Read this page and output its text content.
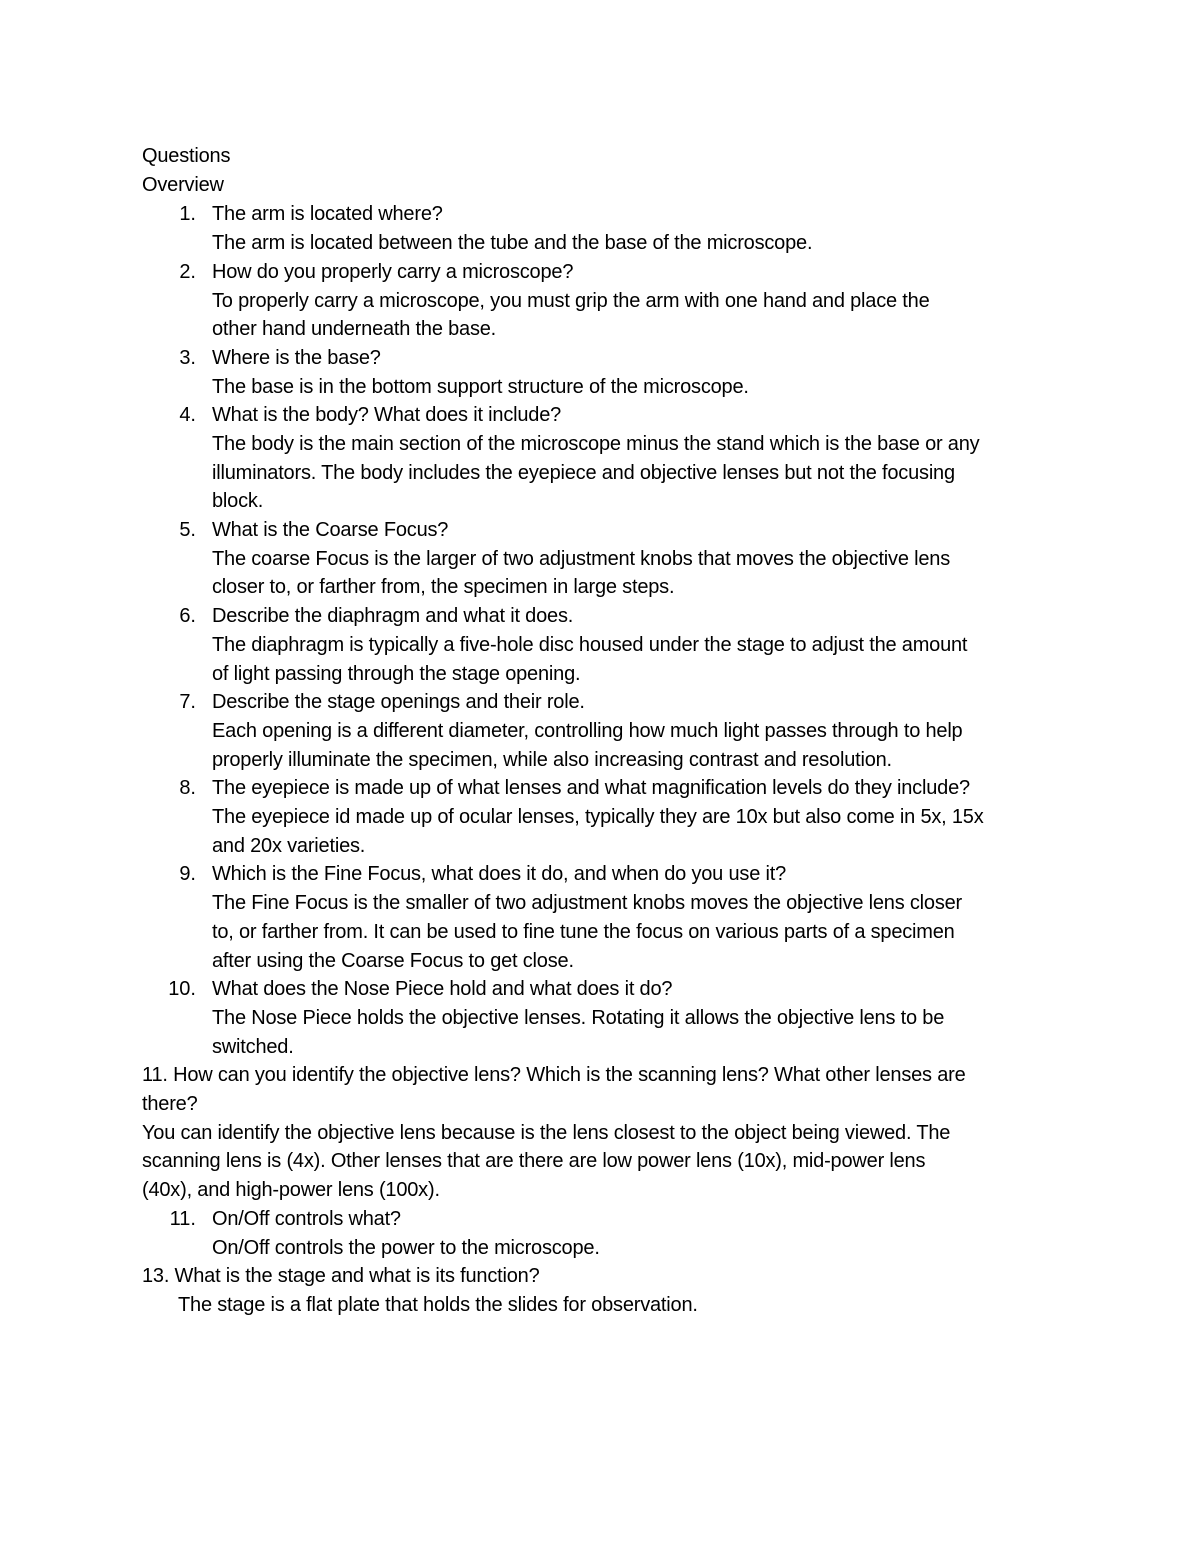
Questions
Overview
1. The arm is located where?
The arm is located between the tube and the base of the microscope.
2. How do you properly carry a microscope?
To properly carry a microscope, you must grip the arm with one hand and place the
other hand underneath the base.
3. Where is the base?
The base is in the bottom support structure of the microscope.
4. What is the body? What does it include?
The body is the main section of the microscope minus the stand which is the base or any
illuminators. The body includes the eyepiece and objective lenses but not the focusing
block.
5. What is the Coarse Focus?
The coarse Focus is the larger of two adjustment knobs that moves the objective lens
closer to, or farther from, the specimen in large steps.
6. Describe the diaphragm and what it does.
The diaphragm is typically a five-hole disc housed under the stage to adjust the amount
of light passing through the stage opening.
7. Describe the stage openings and their role.
Each opening is a different diameter, controlling how much light passes through to help
properly illuminate the specimen, while also increasing contrast and resolution.
8. The eyepiece is made up of what lenses and what magnification levels do they include?
The eyepiece id made up of ocular lenses, typically they are 10x but also come in 5x, 15x
and 20x varieties.
9. Which is the Fine Focus, what does it do, and when do you use it?
The Fine Focus is the smaller of two adjustment knobs moves the objective lens closer
to, or farther from. It can be used to fine tune the focus on various parts of a specimen
after using the Coarse Focus to get close.
10. What does the Nose Piece hold and what does it do?
The Nose Piece holds the objective lenses. Rotating it allows the objective lens to be
switched.
11. How can you identify the objective lens? Which is the scanning lens? What other lenses are
there?
You can identify the objective lens because is the lens closest to the object being viewed. The
scanning lens is (4x). Other lenses that are there are low power lens (10x), mid-power lens
(40x), and high-power lens (100x).
11. On/Off controls what?
On/Off controls the power to the microscope.
13. What is the stage and what is its function?
The stage is a flat plate that holds the slides for observation.
